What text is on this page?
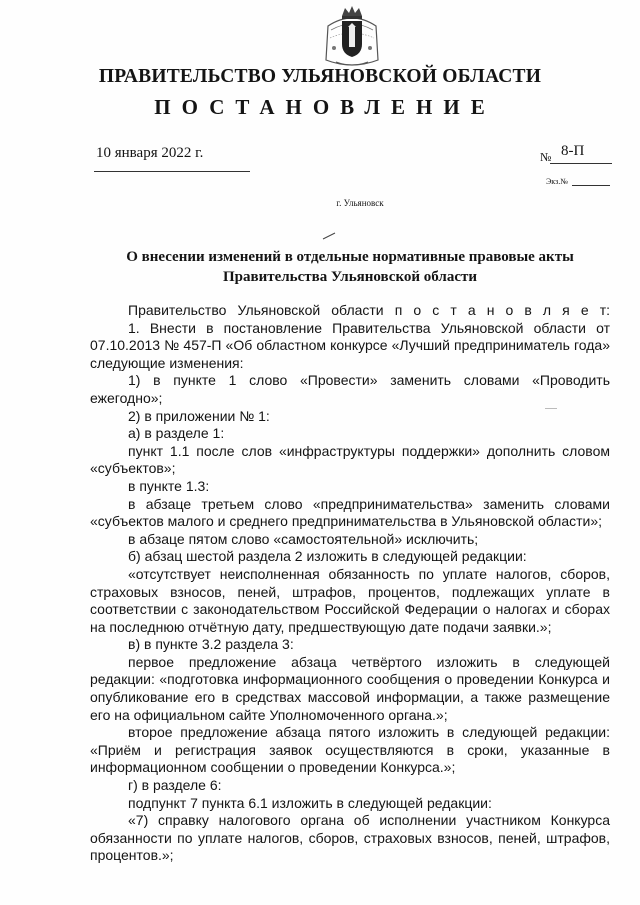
ПРАВИТЕЛЬСТВО УЛЬЯНОВСКОЙ ОБЛАСТИ
ПОСТАНОВЛЕНИЕ
10 января 2022 г.	№ 8-П
Экз.№
г. Ульяновск
О внесении изменений в отдельные нормативные правовые акты
Правительства Ульяновской области

Правительство Ульяновской области п о с т а н о в л я е т:

1. Внести в постановление Правительства Ульяновской области от 07.10.2013 № 457-П «Об областном конкурсе «Лучший предприниматель года» следующие изменения:

1) в пункте 1 слово «Провести» заменить словами «Проводить ежегодно»;

2) в приложении № 1:

а) в разделе 1:

пункт 1.1 после слов «инфраструктуры поддержки» дополнить словом «субъектов»;

в пункте 1.3:

в абзаце третьем слово «предпринимательства» заменить словами «субъектов малого и среднего предпринимательства в Ульяновской области»;

в абзаце пятом слово «самостоятельной» исключить;

б) абзац шестой раздела 2 изложить в следующей редакции:

«отсутствует неисполненная обязанность по уплате налогов, сборов, страховых взносов, пеней, штрафов, процентов, подлежащих уплате в соответствии с законодательством Российской Федерации о налогах и сборах на последнюю отчётную дату, предшествующую дате подачи заявки.»;

в) в пункте 3.2 раздела 3:

первое предложение абзаца четвёртого изложить в следующей редакции: «подготовка информационного сообщения о проведении Конкурса и опубликование его в средствах массовой информации, а также размещение его на официальном сайте Уполномоченного органа.»;

второе предложение абзаца пятого изложить в следующей редакции: «Приём и регистрация заявок осуществляются в сроки, указанные в информационном сообщении о проведении Конкурса.»;

г) в разделе 6:

подпункт 7 пункта 6.1 изложить в следующей редакции:

«7) справку налогового органа об исполнении участником Конкурса обязанности по уплате налогов, сборов, страховых взносов, пеней, штрафов, процентов.»;
